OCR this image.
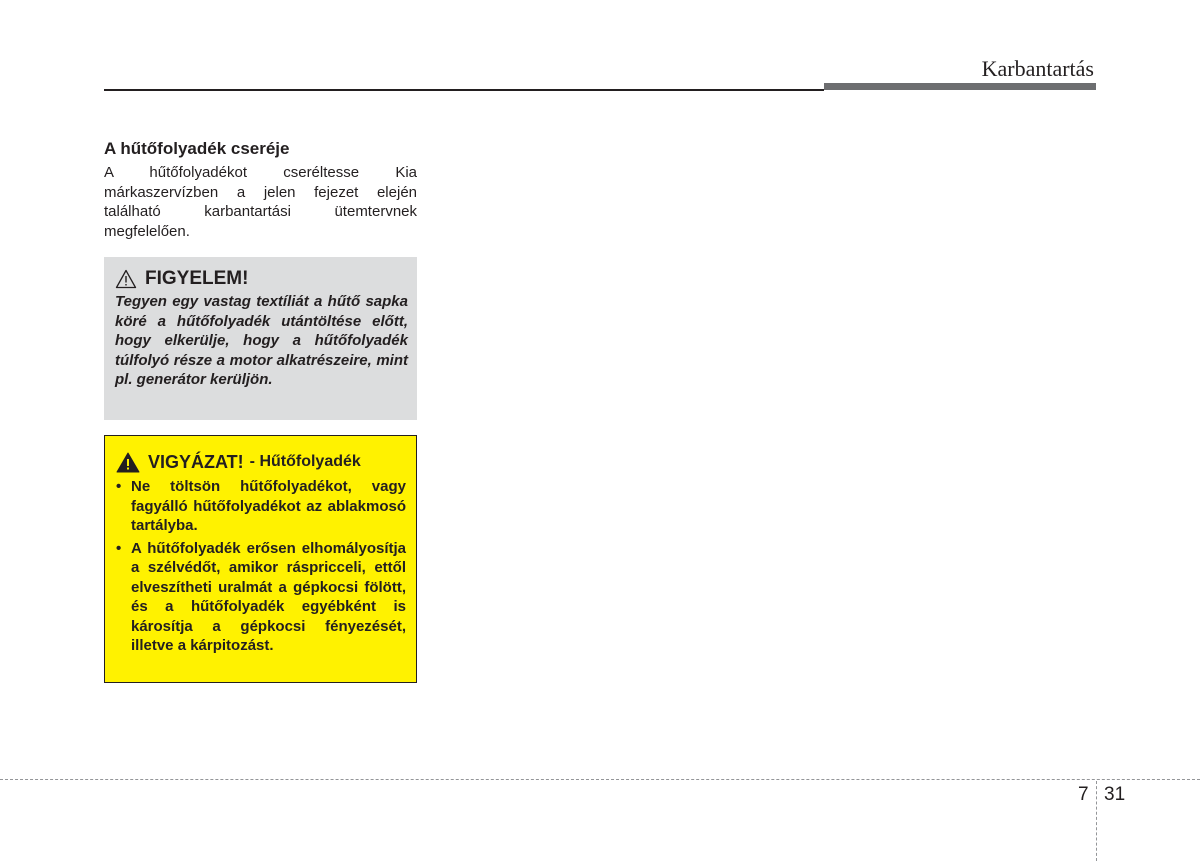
Karbantartás
A hűtőfolyadék cseréje

A hűtőfolyadékot cseréltesse Kia márkaszervízben a jelen fejezet elején található karbantartási ütemtervnek megfelelően.

FIGYELEM!

Tegyen egy vastag textíliát a hűtő sapka köré a hűtőfolyadék utántöltése előtt, hogy elkerülje, hogy a hűtőfolyadék túlfolyó része a motor alkatrészeire, mint pl. generátor kerüljön.

VIGYÁZAT! - Hűtőfolyadék
• Ne töltsön hűtőfolyadékot, vagy fagyálló hűtőfolyadékot az ablakmosó tartályba.
• A hűtőfolyadék erősen elhomályosítja a szélvédőt, amikor ráspricceli, ettől elveszítheti uralmát a gépkocsi fölött, és a hűtőfolyadék egyébként is károsítja a gépkocsi fényezését, illetve a kárpitozást.
7 31
